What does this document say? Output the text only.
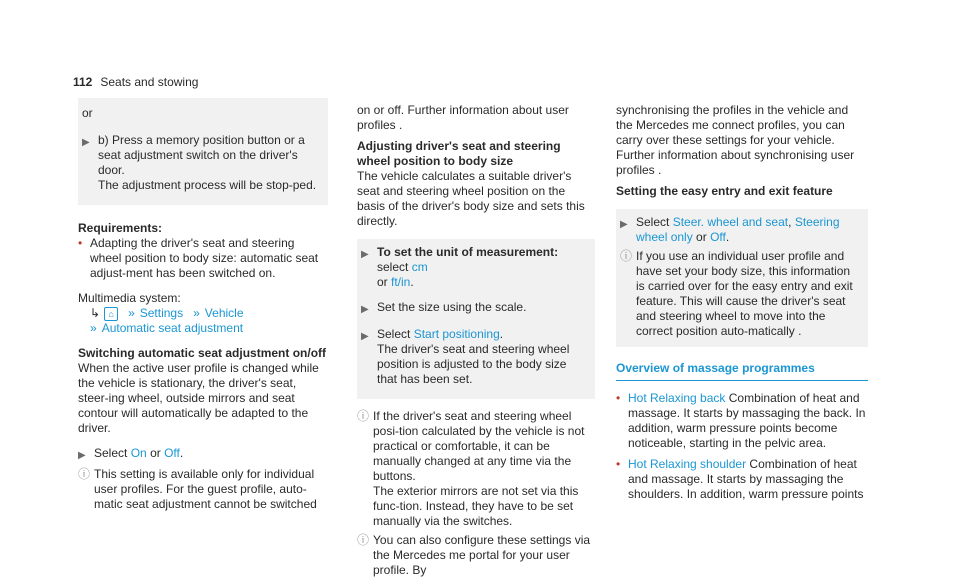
112 Seats and stowing

or

▶ b) Press a memory position button or a seat adjustment switch on the driver's door.

The adjustment process will be stop-ped.

Requirements:

• Adapting the driver's seat and steering wheel position to body size: automatic seat adjust-ment has been switched on.

Multimedia system:

↳ ⌂	» Settings » Vehicle
» Automatic seat adjustment

Switching automatic seat adjustment on/off

When the active user profile is changed while the vehicle is stationary, the driver's seat, steer-ing wheel, outside mirrors and seat contour will automatically be adapted to the driver.

▶ Select On or Off.

ⓘ This setting is available only for individual user profiles. For the guest profile, auto-matic seat adjustment cannot be switched

on or off. Further information about user profiles .

Adjusting driver's seat and steering wheel position to body size

The vehicle calculates a suitable driver's seat and steering wheel position on the basis of the driver's body size and sets this directly.

▶ To set the unit of measurement: select cm
or ft/in.

▶ Set the size using the scale.

▶ Select Start positioning.

The driver's seat and steering wheel position is adjusted to the body size that has been set.

ⓘ If the driver's seat and steering wheel posi-tion calculated by the vehicle is not practical or comfortable, it can be manually changed at any time via the buttons.

The exterior mirrors are not set via this func-tion. Instead, they have to be set manually via the switches.

ⓘ You can also configure these settings via the Mercedes me portal for your user profile. By

synchronising the profiles in the vehicle and the Mercedes me connect profiles, you can carry over these settings for your vehicle. Further information about synchronising user profiles .

Setting the easy entry and exit feature

▶ Select Steer. wheel and seat, Steering wheel only or Off.

ⓘ If you use an individual user profile and have set your body size, this information is carried over for the easy entry and exit feature. This will cause the driver's seat and steering wheel to move into the correct position auto-matically .

Overview of massage programmes
• Hot Relaxing back Combination of heat and massage. It starts by massaging the back. In addition, warm pressure points become noticeable, starting in the pelvic area.

• Hot Relaxing shoulder Combination of heat and massage. It starts by massaging the shoulders. In addition, warm pressure points
